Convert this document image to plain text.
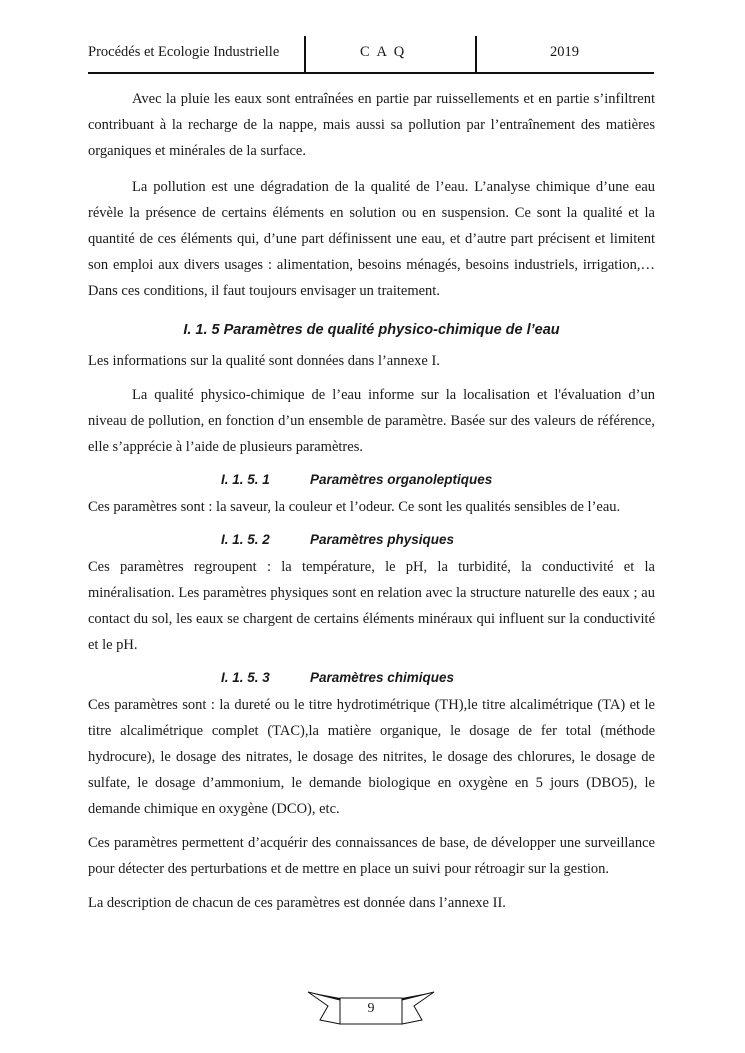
Procédés et Ecologie Industrielle	C A Q	2019

Avec la pluie les eaux sont entraînées en partie par ruissellements et en partie s’infiltrent contribuant à la recharge de la nappe, mais aussi sa pollution par l’entraînement des matières organiques et minérales de la surface.

La pollution est une dégradation de la qualité de l’eau. L’analyse chimique d’une eau révèle la présence de certains éléments en solution ou en suspension. Ce sont la qualité et la quantité de ces éléments qui, d’une part définissent une eau, et d’autre part précisent et limitent son emploi aux divers usages : alimentation, besoins ménagés, besoins industriels, irrigation,… Dans ces conditions, il faut toujours envisager un traitement.

I. 1. 5 Paramètres de qualité physico-chimique de l’eau

Les informations sur la qualité sont données dans l’annexe I.

La qualité physico-chimique de l’eau informe sur la localisation et l'évaluation d’un niveau de pollution, en fonction d’un ensemble de paramètre. Basée sur des valeurs de référence, elle s’apprécie à l’aide de plusieurs paramètres.

I. 1. 5. 1	Paramètres organoleptiques

Ces paramètres sont : la saveur, la couleur et l’odeur. Ce sont les qualités sensibles de l’eau.

I. 1. 5. 2	Paramètres physiques

Ces paramètres regroupent : la température, le pH, la turbidité, la conductivité et la minéralisation. Les paramètres physiques sont en relation avec la structure naturelle des eaux ; au contact du sol, les eaux se chargent de certains éléments minéraux qui influent sur la conductivité et le pH.

I. 1. 5. 3	Paramètres chimiques

Ces paramètres sont : la dureté ou le titre hydrotimétrique (TH),le titre alcalimétrique (TA) et le titre alcalimétrique complet (TAC),la matière organique, le dosage de fer total (méthode hydrocure), le dosage des nitrates, le dosage des nitrites, le dosage des chlorures, le dosage de sulfate, le dosage d’ammonium, le demande biologique en oxygène en 5 jours (DBO5), le demande chimique en oxygène (DCO), etc.

Ces paramètres permettent d’acquérir des connaissances de base, de développer une surveillance pour détecter des perturbations et de mettre en place un suivi pour rétroagir sur la gestion.

La description de chacun de ces paramètres est donnée dans l’annexe II.

9
